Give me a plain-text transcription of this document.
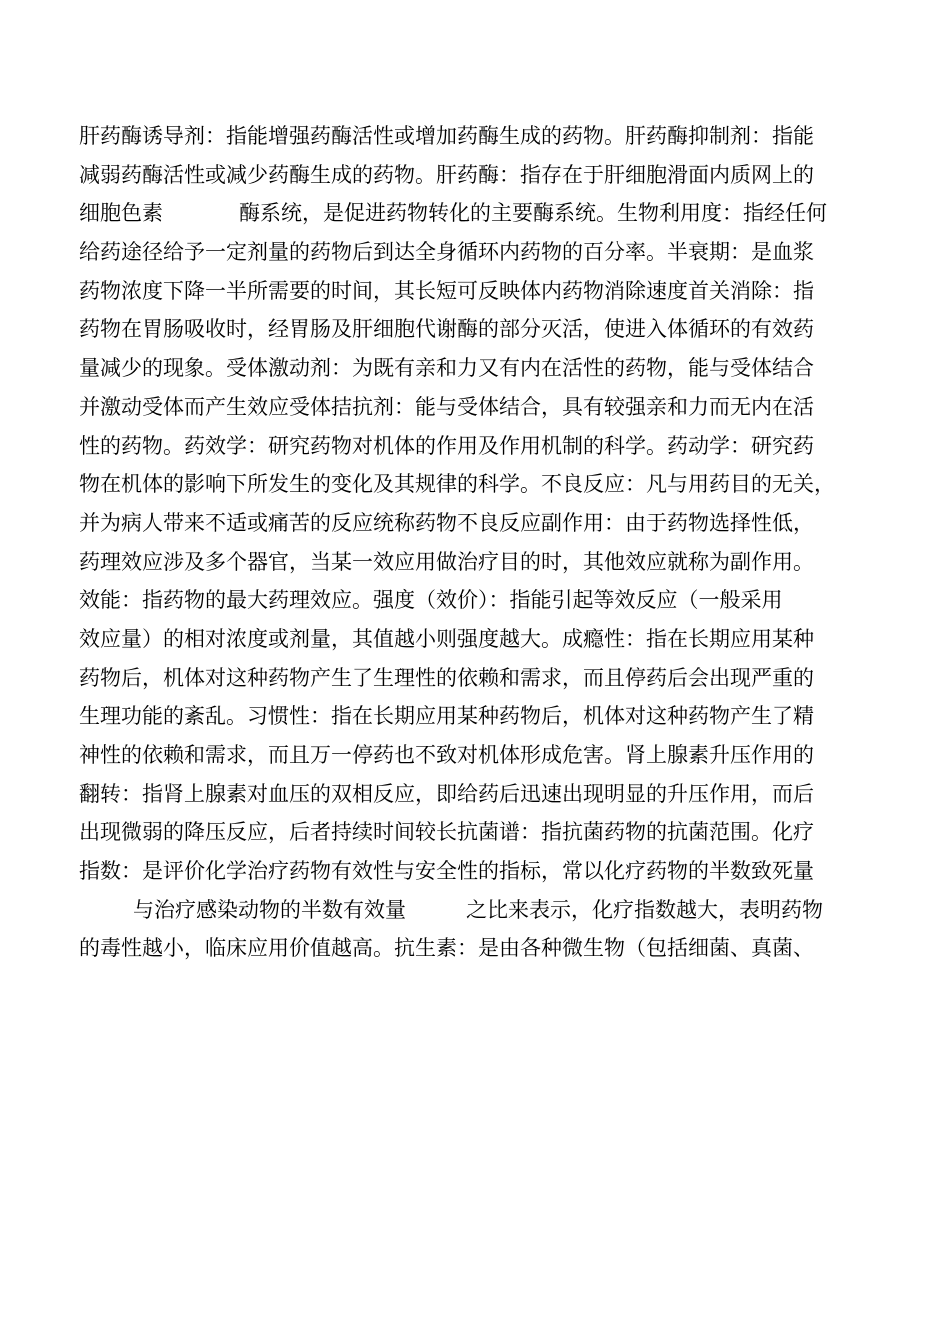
肝药酶诱导剂：指能增强药酶活性或增加药酶生成的药物。肝药酶抑制剂：指能
减弱药酶活性或减少药酶生成的药物。肝药酶：指存在于肝细胞滑面内质网上的
细胞色素	酶系统，是促进药物转化的主要酶系统。生物利用度：指经任何
给药途径给予一定剂量的药物后到达全身循环内药物的百分率。半衰期：是血浆
药物浓度下降一半所需要的时间，其长短可反映体内药物消除速度首关消除：指
药物在胃肠吸收时，经胃肠及肝细胞代谢酶的部分灭活，使进入体循环的有效药
量减少的现象。受体激动剂：为既有亲和力又有内在活性的药物，能与受体结合
并激动受体而产生效应受体拮抗剂：能与受体结合，具有较强亲和力而无内在活
性的药物。药效学：研究药物对机体的作用及作用机制的科学。药动学：研究药
物在机体的影响下所发生的变化及其规律的科学。不良反应：凡与用药目的无关，
并为病人带来不适或痛苦的反应统称药物不良反应副作用：由于药物选择性低，
药理效应涉及多个器官，当某一效应用做治疗目的时，其他效应就称为副作用。
效能：指药物的最大药理效应。强度（效价）：指能引起等效反应（一般采用
效应量）的相对浓度或剂量，其值越小则强度越大。成瘾性：指在长期应用某种
药物后，机体对这种药物产生了生理性的依赖和需求，而且停药后会出现严重的
生理功能的紊乱。习惯性：指在长期应用某种药物后，机体对这种药物产生了精
神性的依赖和需求，而且万一停药也不致对机体形成危害。肾上腺素升压作用的
翻转：指肾上腺素对血压的双相反应，即给药后迅速出现明显的升压作用，而后
出现微弱的降压反应，后者持续时间较长抗菌谱：指抗菌药物的抗菌范围。化疗
指数：是评价化学治疗药物有效性与安全性的指标，常以化疗药物的半数致死量
与治疗感染动物的半数有效量	之比来表示，化疗指数越大，表明药物
的毒性越小，临床应用价值越高。抗生素：是由各种微生物（包括细菌、真菌、
